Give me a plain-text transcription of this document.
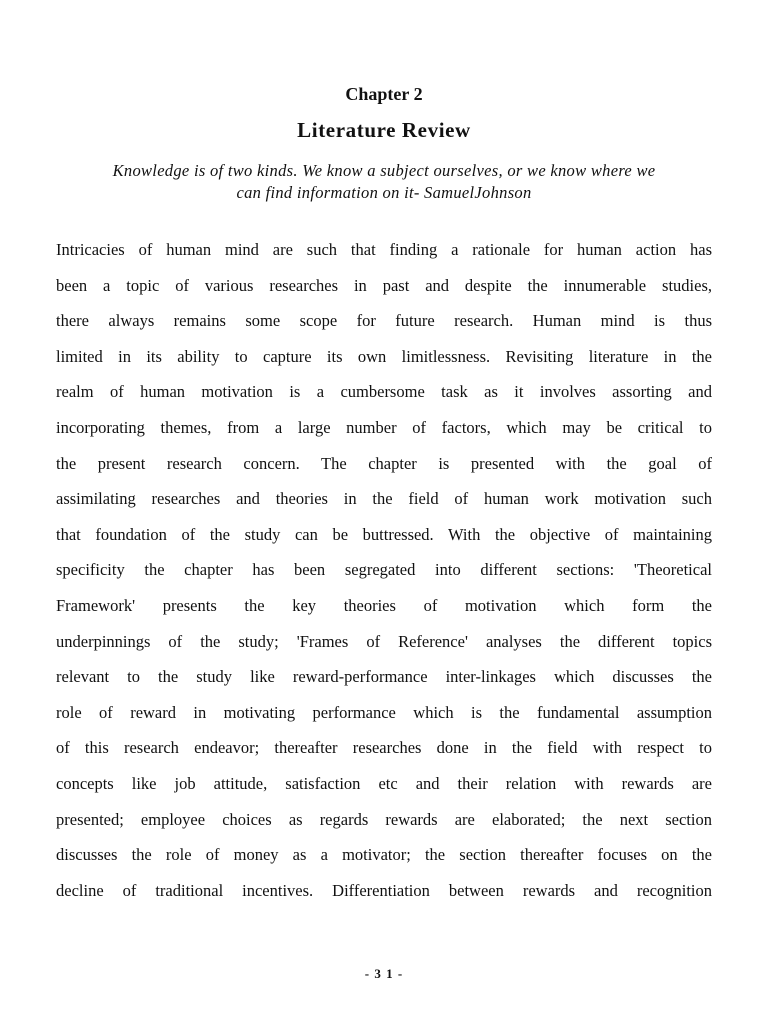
Chapter 2
Literature Review
Knowledge is of two kinds. We know a subject ourselves, or we know where we
can find information on it- SamuelJohnson
Intricacies of human mind are such that finding a rationale for human action has
been a topic of various researches in past and despite the innumerable studies,
there always remains some scope for future research. Human mind is thus
limited in its ability to capture its own limitlessness. Revisiting literature in the
realm of human motivation is a cumbersome task as it involves assorting and
incorporating themes, from a large number of factors, which may be critical to
the present research concern. The chapter is presented with the goal of
assimilating researches and theories in the field of human work motivation such
that foundation of the study can be buttressed. With the objective of maintaining
specificity the chapter has been segregated into different sections: 'Theoretical
Framework' presents the key theories of motivation which form the
underpinnings of the study; 'Frames of Reference' analyses the different topics
relevant to the study like reward-performance inter-linkages which discusses the
role of reward in motivating performance which is the fundamental assumption
of this research endeavor; thereafter researches done in the field with respect to
concepts like job attitude, satisfaction etc and their relation with rewards are
presented; employee choices as regards rewards are elaborated; the next section
discusses the role of money as a motivator; the section thereafter focuses on the
decline of traditional incentives. Differentiation between rewards and recognition
- 3 1 -
